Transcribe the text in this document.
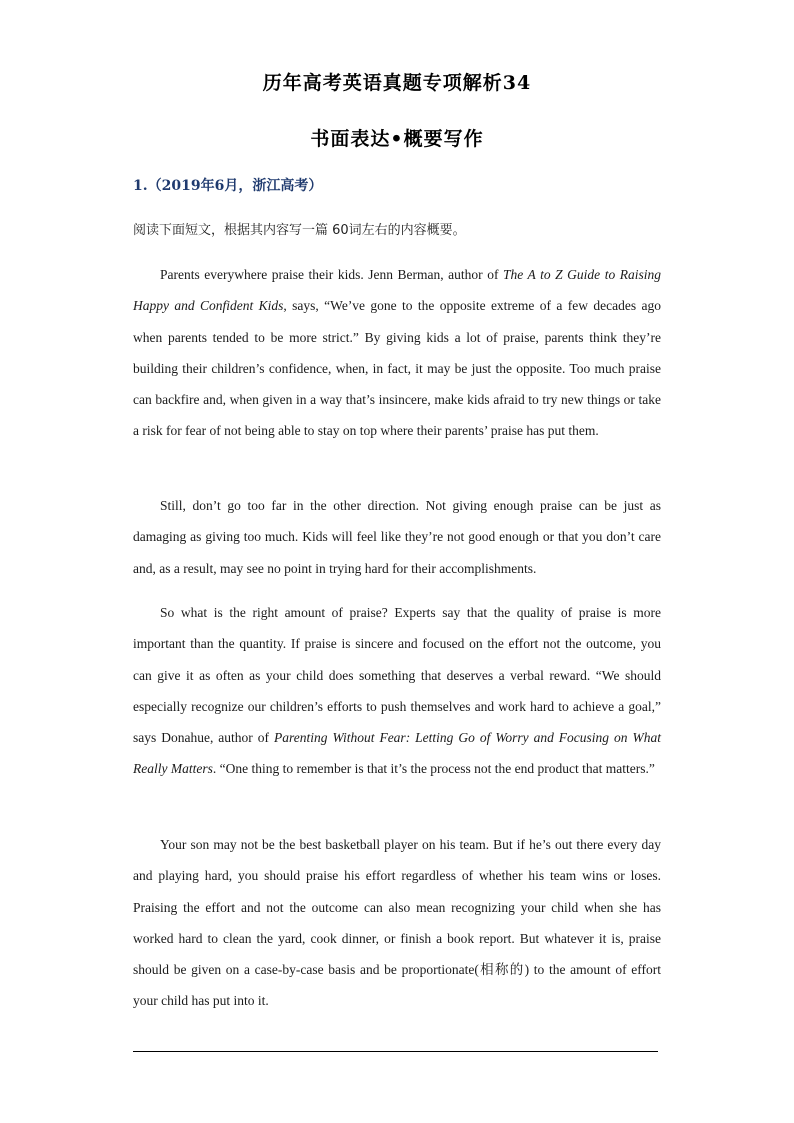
历年高考英语真题专项解析34
书面表达•概要写作
1.（2019年6月，浙江高考）
阅读下面短文，根据其内容写一篇 60词左右的内容概要。

Parents everywhere praise their kids. Jenn Berman, author of The A to Z Guide to Raising Happy and Confident Kids, says, “We’ve gone to the opposite extreme of a few decades ago when parents tended to be more strict.” By giving kids a lot of praise, parents think they’re building their children’s confidence, when, in fact, it may be just the opposite. Too much praise can backfire and, when given in a way that’s insincere, make kids afraid to try new things or take a risk for fear of not being able to stay on top where their parents’ praise has put them.

Still, don’t go too far in the other direction. Not giving enough praise can be just as damaging as giving too much. Kids will feel like they’re not good enough or that you don’t care and, as a result, may see no point in trying hard for their accomplishments.

So what is the right amount of praise? Experts say that the quality of praise is more important than the quantity. If praise is sincere and focused on the effort not the outcome, you can give it as often as your child does something that deserves a verbal reward. “We should especially recognize our children’s efforts to push themselves and work hard to achieve a goal,” says Donahue, author of Parenting Without Fear: Letting Go of Worry and Focusing on What Really Matters. “One thing to remember is that it’s the process not the end product that matters.”

Your son may not be the best basketball player on his team. But if he’s out there every day and playing hard, you should praise his effort regardless of whether his team wins or loses. Praising the effort and not the outcome can also mean recognizing your child when she has worked hard to clean the yard, cook dinner, or finish a book report. But whatever it is, praise should be given on a case-by-case basis and be proportionate(相称的) to the amount of effort your child has put into it.
